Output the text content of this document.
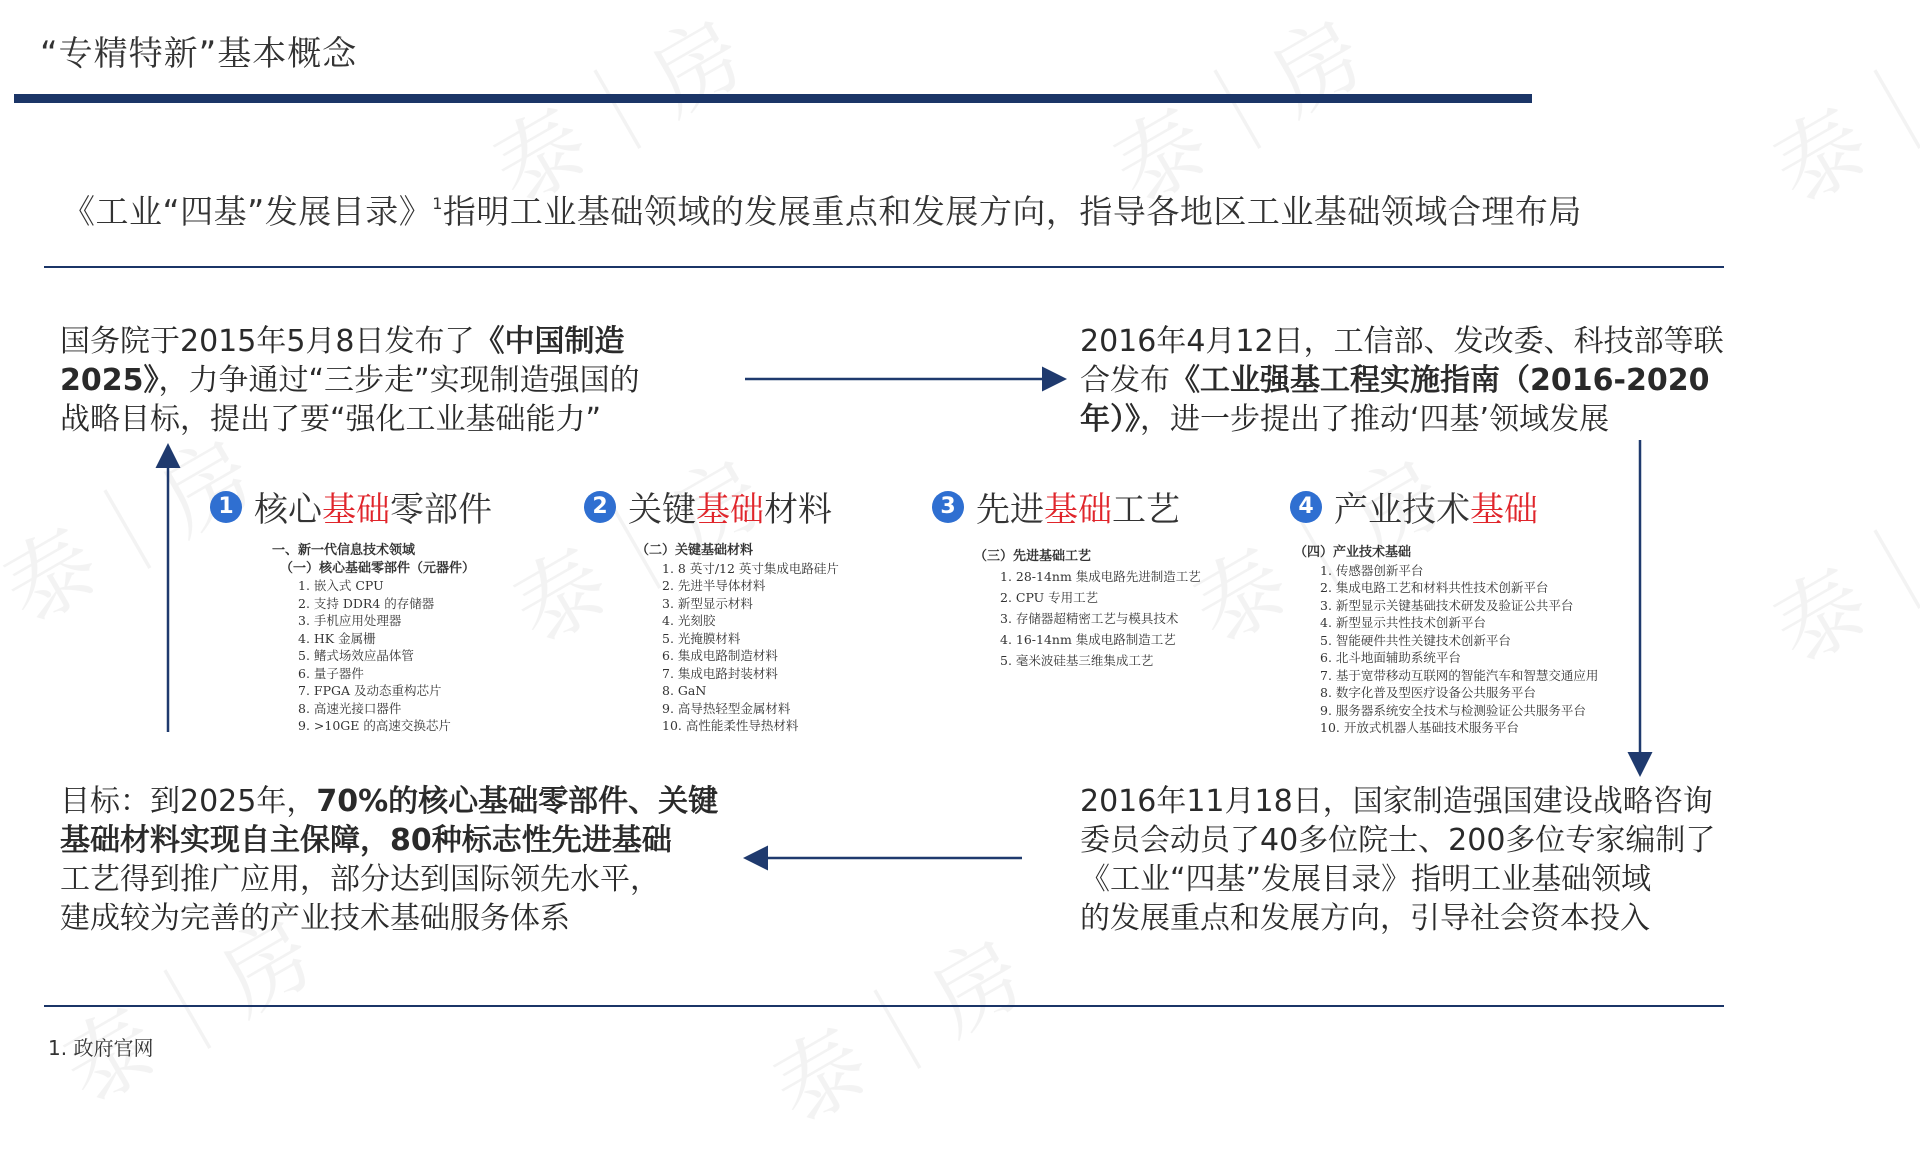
“专精特新”基本概念
《工业“四基”发展目录》$^1$指明工业基础领域的发展重点和发展方向，指导各地区工业基础领域合理布局
国务院于2015年5月8日发布了《中国制造
2025》，力争通过“三步走”实现制造强国的
战略目标，提出了要“强化工业基础能力”
2016年4月12日，工信部、发改委、科技部等联
合发布《工业强基工程实施指南（2016-2020
年）》，进一步提出了推动‘四基’领域发展
1 核心 基础 零部件
一、新一代信息技术领域
（一）核心基础零部件（元器件）
1. 嵌入式 CPU
2. 支持 DDR4 的存储器
3. 手机应用处理器
4. HK 金属栅
5. 鳍式场效应晶体管
6. 量子器件
7. FPGA 及动态重构芯片
8. 高速光接口器件
9. >10GE 的高速交换芯片
2 关键 基础 材料
（二）关键基础材料
1. 8 英寸/12 英寸集成电路硅片
2. 先进半导体材料
3. 新型显示材料
4. 光刻胶
5. 光掩膜材料
6. 集成电路制造材料
7. 集成电路封装材料
8. GaN
9. 高导热轻型金属材料
10. 高性能柔性导热材料
3 先进 基础 工艺
（三）先进基础工艺
1. 28-14nm 集成电路先进制造工艺
2. CPU 专用工艺
3. 存储器超精密工艺与模具技术
4. 16-14nm 集成电路制造工艺
5. 毫米波硅基三维集成工艺
4 产业技术 基础
（四）产业技术基础
1. 传感器创新平台
2. 集成电路工艺和材料共性技术创新平台
3. 新型显示关键基础技术研发及验证公共平台
4. 新型显示共性技术创新平台
5. 智能硬件共性关键技术创新平台
6. 北斗地面辅助系统平台
7. 基于宽带移动互联网的智能汽车和智慧交通应用
8. 数字化普及型医疗设备公共服务平台
9. 服务器系统安全技术与检测验证公共服务平台
10. 开放式机器人基础技术服务平台
目标：到2025年，70%的核心基础零部件、关键
基础材料实现自主保障，80种标志性先进基础
工艺得到推广应用，部分达到国际领先水平，
建成较为完善的产业技术基础服务体系
2016年11月18日，国家制造强国建设战略咨询
委员会动员了40多位院士、200多位专家编制了
《工业“四基”发展目录》指明工业基础领域
的发展重点和发展方向，引导社会资本投入
1. 政府官网
